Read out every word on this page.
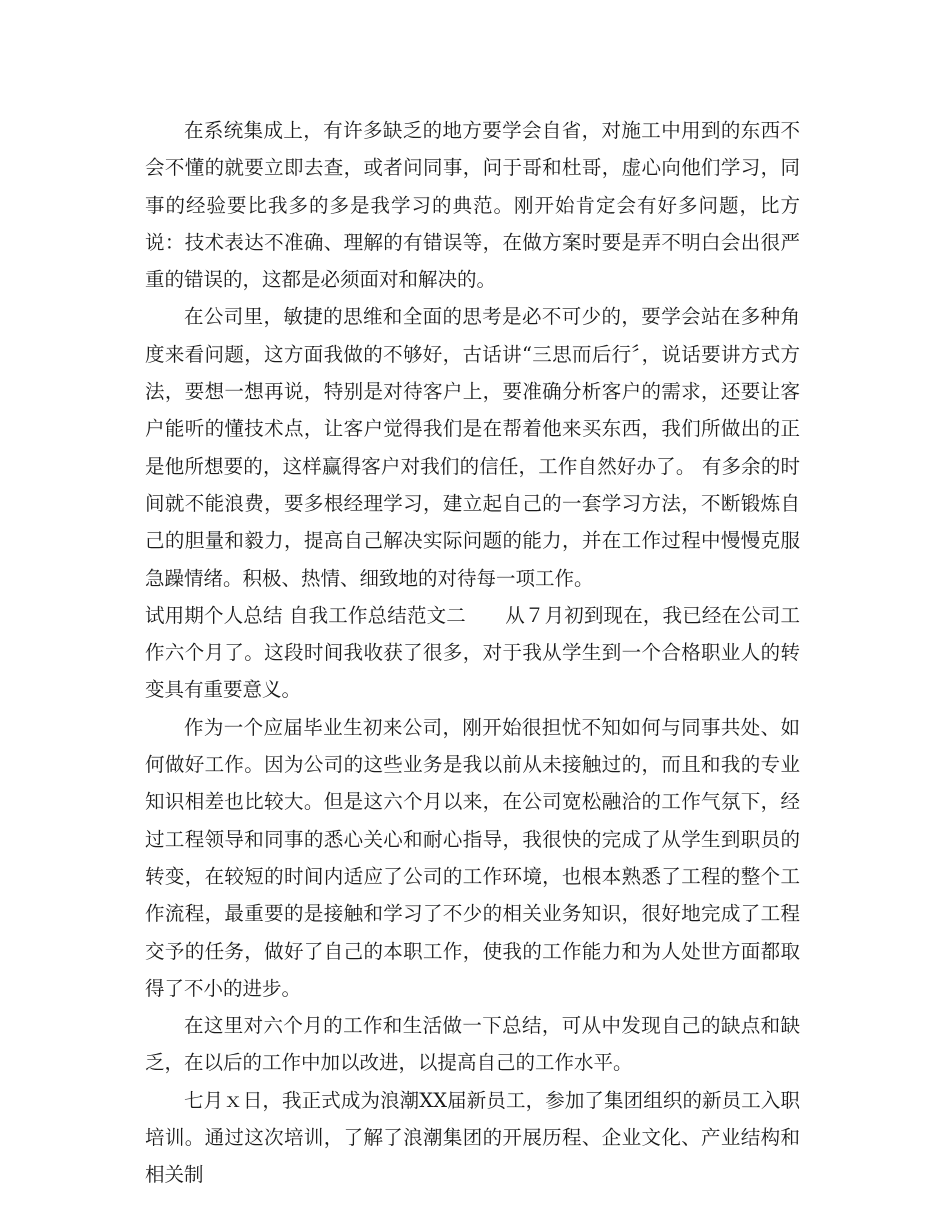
在系统集成上，有许多缺乏的地方要学会自省，对施工中用到的东西不会不懂的就要立即去查，或者问同事，问于哥和杜哥，虚心向他们学习，同事的经验要比我多的多是我学习的典范。刚开始肯定会有好多问题，比方说：技术表达不准确、理解的有错误等，在做方案时要是弄不明白会出很严重的错误的，这都是必须面对和解决的。

在公司里，敏捷的思维和全面的思考是必不可少的，要学会站在多种角度来看问题，这方面我做的不够好，古话讲“三思而后行〞，说话要讲方式方法，要想一想再说，特别是对待客户上，要准确分析客户的需求，还要让客户能听的懂技术点，让客户觉得我们是在帮着他来买东西，我们所做出的正是他所想要的，这样赢得客户对我们的信任，工作自然好办了。 有多余的时间就不能浪费，要多根经理学习，建立起自己的一套学习方法，不断锻炼自己的胆量和毅力，提高自己解决实际问题的能力，并在工作过程中慢慢克服急躁情绪。积极、热情、细致地的对待每一项工作。

试用期个人总结 自我工作总结范文二　　从７月初到现在，我已经在公司工作六个月了。这段时间我收获了很多，对于我从学生到一个合格职业人的转变具有重要意义。

作为一个应届毕业生初来公司，刚开始很担忧不知如何与同事共处、如何做好工作。因为公司的这些业务是我以前从未接触过的，而且和我的专业知识相差也比较大。但是这六个月以来，在公司宽松融洽的工作气氛下，经过工程领导和同事的悉心关心和耐心指导，我很快的完成了从学生到职员的转变，在较短的时间内适应了公司的工作环境，也根本熟悉了工程的整个工作流程，最重要的是接触和学习了不少的相关业务知识，很好地完成了工程交予的任务，做好了自己的本职工作，使我的工作能力和为人处世方面都取得了不小的进步。

在这里对六个月的工作和生活做一下总结，可从中发现自己的缺点和缺乏，在以后的工作中加以改进，以提高自己的工作水平。

七月ｘ日，我正式成为浪潮XX届新员工，参加了集团组织的新员工入职培训。通过这次培训，了解了浪潮集团的开展历程、企业文化、产业结构和相关制
